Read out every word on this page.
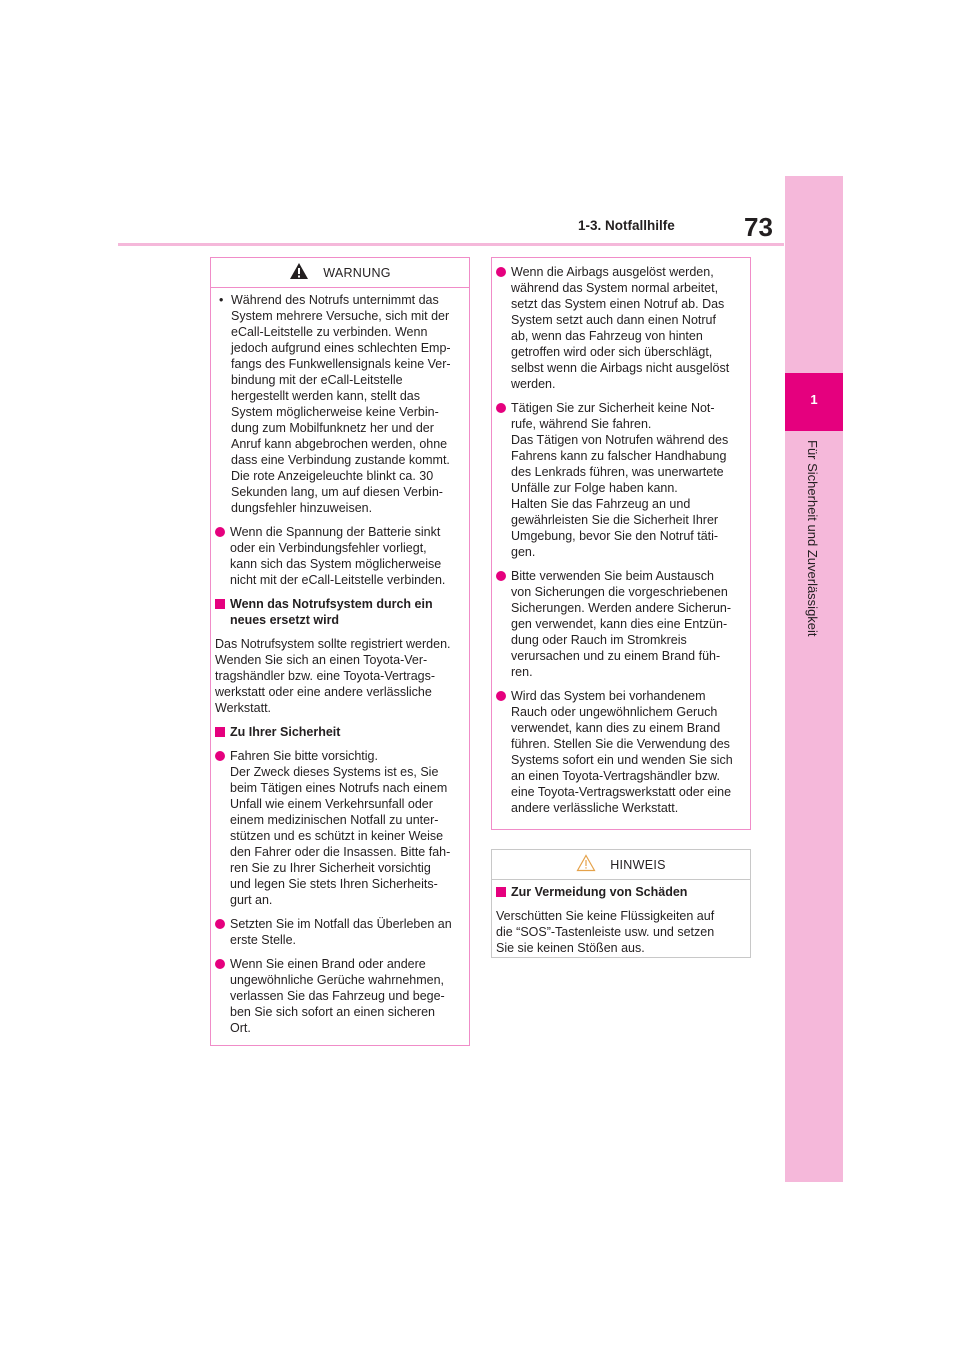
73
1-3. Notfallhilfe
1
Für Sicherheit und Zuverlässigkeit
WARNUNG
• Während des Notrufs unternimmt das
System mehrere Versuche, sich mit der
eCall-Leitstelle zu verbinden. Wenn
jedoch aufgrund eines schlechten Emp-
fangs des Funkwellensignals keine Ver-
bindung mit der eCall-Leitstelle
hergestellt werden kann, stellt das
System möglicherweise keine Verbin-
dung zum Mobilfunknetz her und der
Anruf kann abgebrochen werden, ohne
dass eine Verbindung zustande kommt.
Die rote Anzeigeleuchte blinkt ca. 30
Sekunden lang, um auf diesen Verbin-
dungsfehler hinzuweisen.
Wenn die Spannung der Batterie sinkt
oder ein Verbindungsfehler vorliegt,
kann sich das System möglicherweise
nicht mit der eCall-Leitstelle verbinden.
Wenn das Notrufsystem durch ein
neues ersetzt wird
Das Notrufsystem sollte registriert werden.
Wenden Sie sich an einen Toyota-Ver-
tragshändler bzw. eine Toyota-Vertrags-
werkstatt oder eine andere verlässliche
Werkstatt.
Zu Ihrer Sicherheit
Fahren Sie bitte vorsichtig.
Der Zweck dieses Systems ist es, Sie
beim Tätigen eines Notrufs nach einem
Unfall wie einem Verkehrsunfall oder
einem medizinischen Notfall zu unter-
stützen und es schützt in keiner Weise
den Fahrer oder die Insassen. Bitte fah-
ren Sie zu Ihrer Sicherheit vorsichtig
und legen Sie stets Ihren Sicherheits-
gurt an.
Setzten Sie im Notfall das Überleben an
erste Stelle.
Wenn Sie einen Brand oder andere
ungewöhnliche Gerüche wahrnehmen,
verlassen Sie das Fahrzeug und bege-
ben Sie sich sofort an einen sicheren
Ort.
Wenn die Airbags ausgelöst werden,
während das System normal arbeitet,
setzt das System einen Notruf ab. Das
System setzt auch dann einen Notruf
ab, wenn das Fahrzeug von hinten
getroffen wird oder sich überschlägt,
selbst wenn die Airbags nicht ausgelöst
werden.
Tätigen Sie zur Sicherheit keine Not-
rufe, während Sie fahren.
Das Tätigen von Notrufen während des
Fahrens kann zu falscher Handhabung
des Lenkrads führen, was unerwartete
Unfälle zur Folge haben kann.
Halten Sie das Fahrzeug an und
gewährleisten Sie die Sicherheit Ihrer
Umgebung, bevor Sie den Notruf täti-
gen.
Bitte verwenden Sie beim Austausch
von Sicherungen die vorgeschriebenen
Sicherungen. Werden andere Sicherun-
gen verwendet, kann dies eine Entzün-
dung oder Rauch im Stromkreis
verursachen und zu einem Brand füh-
ren.
Wird das System bei vorhandenem
Rauch oder ungewöhnlichem Geruch
verwendet, kann dies zu einem Brand
führen. Stellen Sie die Verwendung des
Systems sofort ein und wenden Sie sich
an einen Toyota-Vertragshändler bzw.
eine Toyota-Vertragswerkstatt oder eine
andere verlässliche Werkstatt.
HINWEIS
Zur Vermeidung von Schäden
Verschütten Sie keine Flüssigkeiten auf
die “SOS”-Tastenleiste usw. und setzen
Sie sie keinen Stößen aus.
